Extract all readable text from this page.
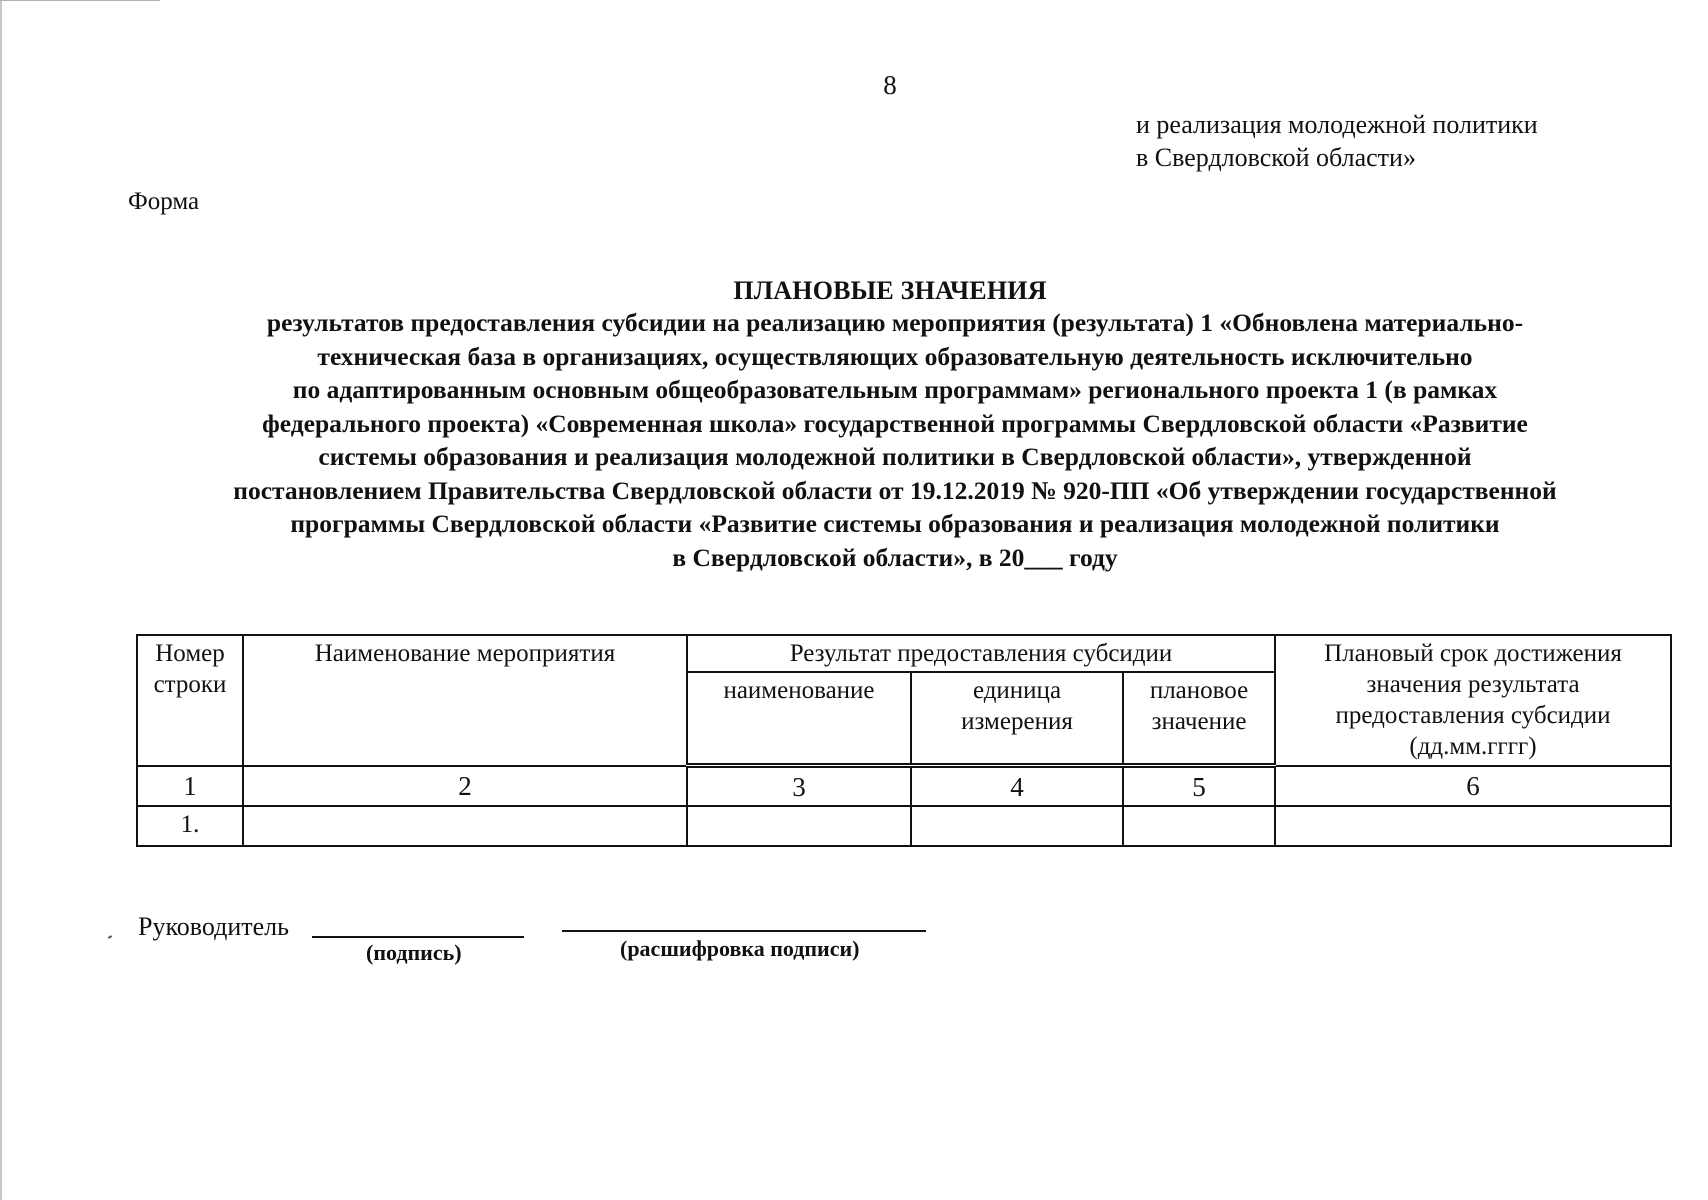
8
и реализация молодежной политики
в Свердловской области»
Форма
ПЛАНОВЫЕ ЗНАЧЕНИЯ
результатов предоставления субсидии на реализацию мероприятия (результата) 1 «Обновлена материально-
техническая база в организациях, осуществляющих образовательную деятельность исключительно
по адаптированным основным общеобразовательным программам» регионального проекта 1 (в рамках
федерального проекта) «Современная школа» государственной программы Свердловской области «Развитие
системы образования и реализация молодежной политики в Свердловской области», утвержденной
постановлением Правительства Свердловской области от 19.12.2019 № 920-ПП «Об утверждении государственной
программы Свердловской области «Развитие системы образования и реализация молодежной политики
в Свердловской области», в 20___ году
Номер строки	Наименование мероприятия	Результат предоставления субсидии			Плановый срок достижения значения результата предоставления субсидии (дд.мм.гггг)
		наименование	единица измерения	плановое значение	
1	2	3	4	5	6
1.					
Руководитель
(подпись)	(расшифровка подписи)
